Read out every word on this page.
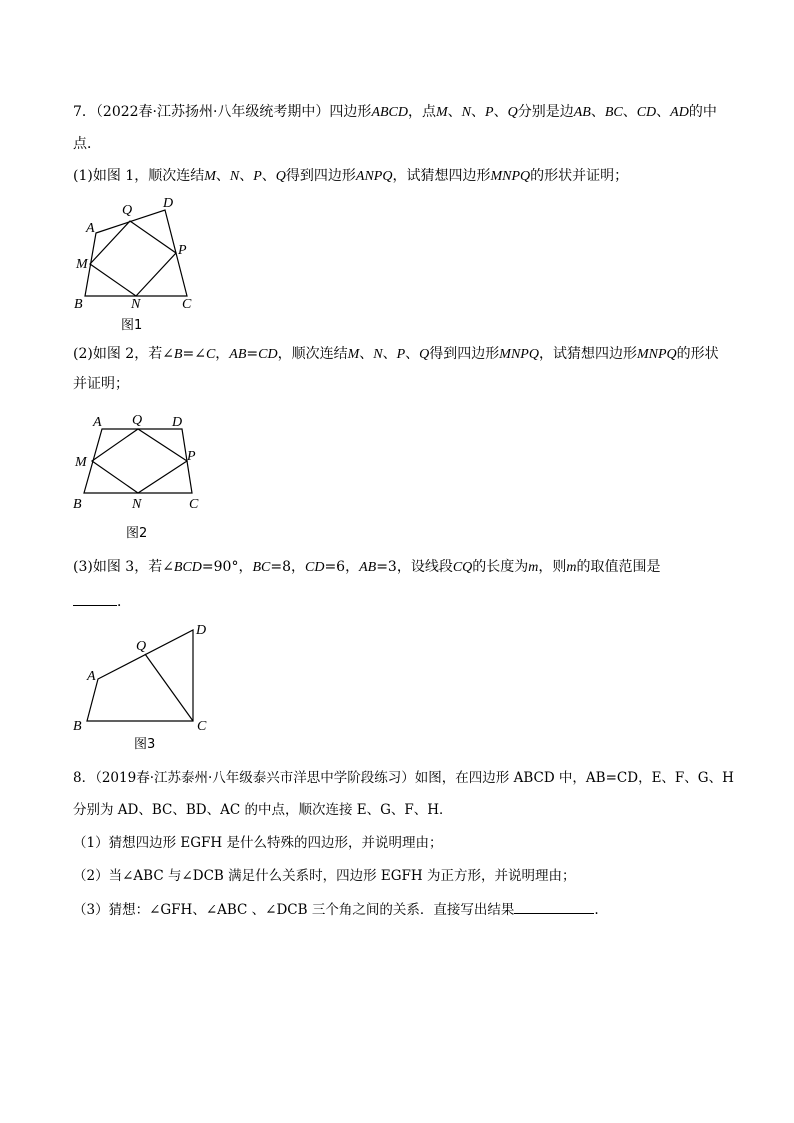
7．（2022春·江苏扬州·八年级统考期中）四边形ABCD，点M、N、P、Q分别是边AB、BC、CD、AD的中
点．
(1)如图 1，顺次连结M、N、P、Q得到四边形ANPQ，试猜想四边形MNPQ的形状并证明；
A
Q D
M
P
B	N	C
图1
(2)如图 2，若∠B=∠C，AB=CD，顺次连结M、N、P、Q得到四边形MNPQ，试猜想四边形MNPQ的形状
并证明；
A Q D
M	P
B	N	C
图2
(3)如图 3，若∠BCD=90°，BC=8，CD=6，AB=3，设线段CQ的长度为m，则m的取值范围是
．
Q
D
A
B	C
图3
8．（2019春·江苏泰州·八年级泰兴市洋思中学阶段练习）如图，在四边形 ABCD 中，AB=CD，E、F、G、H
分别为 AD、BC、BD、AC 的中点，顺次连接 E、G、F、H．
（1）猜想四边形 EGFH 是什么特殊的四边形，并说明理由；
（2）当∠ABC 与∠DCB 满足什么关系时，四边形 EGFH 为正方形，并说明理由；
（3）猜想：∠GFH、∠ABC 、∠DCB 三个角之间的关系．直接写出结果	.
